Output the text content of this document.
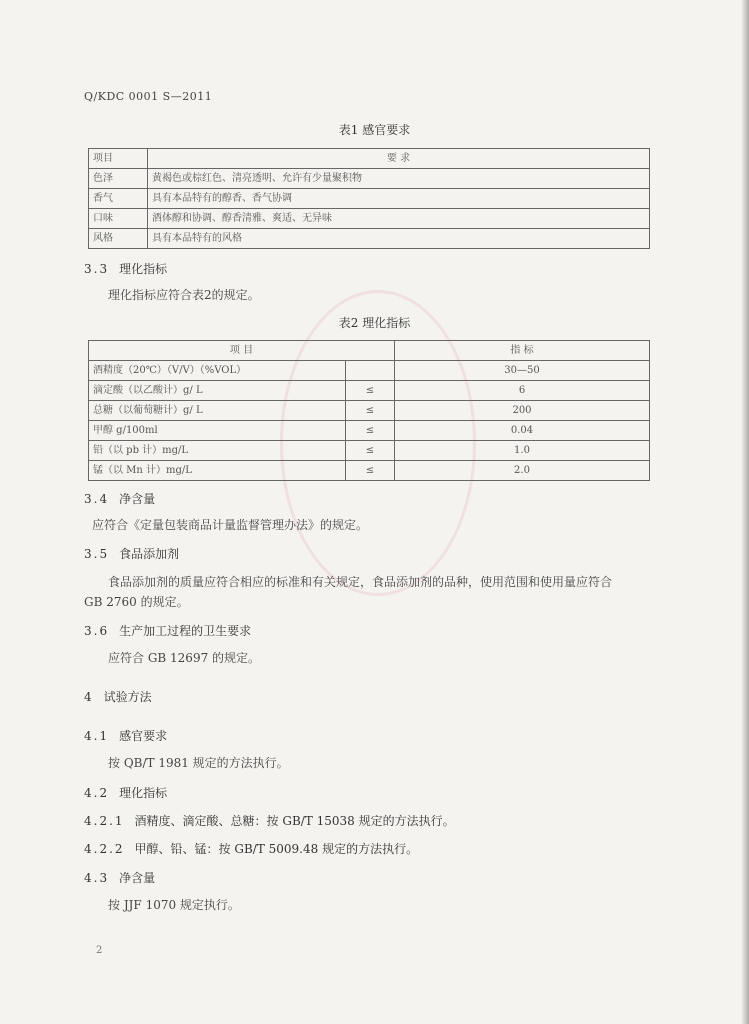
Q/KDC 0001 S—2011
表1 感官要求
项目	要 求
色泽	黄褐色或棕红色、清亮透明、允许有少量聚积物
香气	具有本品特有的醇香、香气协调
口味	酒体醇和协调、醇香清雅、爽适、无异味
风格	具有本品特有的风格
3.3 理化指标
理化指标应符合表2的规定。
表2 理化指标
项 目		指 标
酒精度（20℃）（V/V）（%VOL）		30—50
滴定酸（以乙酸计）g/ L	≤	6
总糖（以葡萄糖计）g/ L	≤	200
甲醇 g/100ml	≤	0.04
铅（以 pb 计）mg/L	≤	1.0
锰（以 Mn 计）mg/L	≤	2.0
3.4 净含量
应符合《定量包装商品计量监督管理办法》的规定。
3.5 食品添加剂
食品添加剂的质量应符合相应的标准和有关规定，食品添加剂的品种，使用范围和使用量应符合
GB 2760 的规定。
3.6 生产加工过程的卫生要求
应符合 GB 12697 的规定。
4 试验方法
4.1 感官要求
按 QB/T 1981 规定的方法执行。
4.2 理化指标
4.2.1 酒精度、滴定酸、总糖：按 GB/T 15038 规定的方法执行。
4.2.2 甲醇、铅、锰：按 GB/T 5009.48 规定的方法执行。
4.3 净含量
按 JJF 1070 规定执行。
2
